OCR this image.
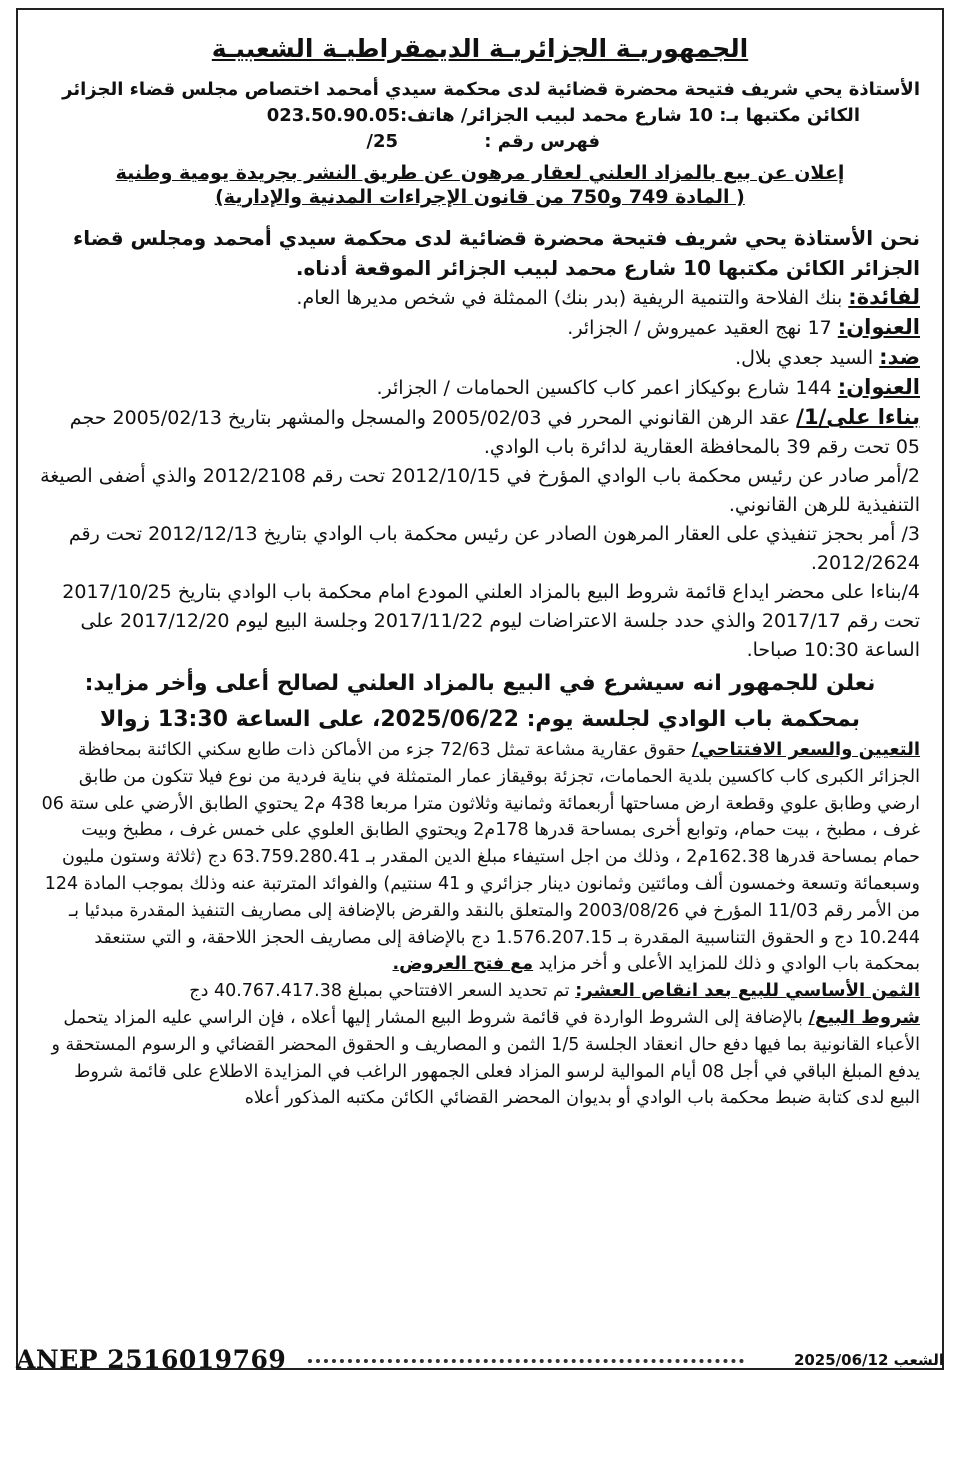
الجمهوريـة الجزائريـة الديمقراطيـة الشعبيـة
الأستاذة يحي شريف فتيحة محضرة قضائية لدى محكمة سيدي أمحمد اختصاص مجلس قضاء الجزائر
الكائن مكتبها بـ: 10 شارع محمد لبيب الجزائر/ هاتف:023.50.90.05
فهرس رقم : 25/
إعلان عن بيع بالمزاد العلني لعقار مرهون عن طريق النشر بجريدة يومية وطنية
( المادة 749 و750 من قانون الإجراءات المدنية والإدارية)
نحن الأستاذة يحي شريف فتيحة محضرة قضائية لدى محكمة سيدي أمحمد ومجلس قضاء الجزائر الكائن مكتبها 10 شارع محمد لبيب الجزائر الموقعة أدناه.
لفائدة: بنك الفلاحة والتنمية الريفية (بدر بنك) الممثلة في شخص مديرها العام.
العنوان: 17 نهج العقيد عميروش / الجزائر.
ضد: السيد جعدي بلال.
العنوان: 144 شارع بوكيكاز اعمر كاب كاكسين الحمامات / الجزائر.
بناءا على/1/ عقد الرهن القانوني المحرر في 2005/02/03 والمسجل والمشهر بتاريخ 2005/02/13 حجم 05 تحت رقم 39 بالمحافظة العقارية لدائرة باب الوادي.
2/أمر صادر عن رئيس محكمة باب الوادي المؤرخ في 2012/10/15 تحت رقم 2012/2108 والذي أضفى الصيغة التنفيذية للرهن القانوني.
3/ أمر بحجز تنفيذي على العقار المرهون الصادر عن رئيس محكمة باب الوادي بتاريخ 2012/12/13 تحت رقم 2012/2624.
4/بناءا على محضر ايداع قائمة شروط البيع بالمزاد العلني المودع امام محكمة باب الوادي بتاريخ 2017/10/25 تحت رقم 2017/17 والذي حدد جلسة الاعتراضات ليوم 2017/11/22 وجلسة البيع ليوم 2017/12/20 على الساعة 10:30 صباحا.
نعلن للجمهور انه سيشرع في البيع بالمزاد العلني لصالح أعلى وأخر مزايد:
بمحكمة باب الوادي لجلسة يوم: 2025/06/22، على الساعة 13:30 زوالا
التعيين والسعر الافتتاحي/ حقوق عقارية مشاعة تمثل 72/63 جزء من الأماكن ذات طابع سكني الكائنة بمحافظة الجزائر الكبرى كاب كاكسين بلدية الحمامات، تجزئة بوقيقاز عمار المتمثلة في بناية فردية من نوع فيلا تتكون من طابق ارضي وطابق علوي وقطعة ارض مساحتها أربعمائة وثمانية وثلاثون مترا مربعا 438 م2 يحتوي الطابق الأرضي على ستة 06 غرف ، مطبخ ، بيت حمام، وتوابع أخرى بمساحة قدرها 178م2 ويحتوي الطابق العلوي على خمس غرف ، مطبخ وبيت حمام بمساحة قدرها 162.38م2 ، وذلك من اجل استيفاء مبلغ الدين المقدر بـ 63.759.280.41 دج (ثلاثة وستون مليون وسبعمائة وتسعة وخمسون ألف ومائتين وثمانون دينار جزائري و 41 سنتيم) والفوائد المترتبة عنه وذلك بموجب المادة 124 من الأمر رقم 11/03 المؤرخ في 2003/08/26 والمتعلق بالنقد والقرض بالإضافة إلى مصاريف التنفيذ المقدرة مبدئيا بـ 10.244 دج و الحقوق التناسبية المقدرة بـ 1.576.207.15 دج بالإضافة إلى مصاريف الحجز اللاحقة، و التي ستنعقد بمحكمة باب الوادي و ذلك للمزايد الأعلى و أخر مزايد مع فتح العروض.
الثمن الأساسي للبيع بعد انقاص العشر: تم تحديد السعر الافتتاحي بمبلغ 40.767.417.38 دج
شروط البيع/ بالإضافة إلى الشروط الواردة في قائمة شروط البيع المشار إليها أعلاه ، فإن الراسي عليه المزاد يتحمل الأعباء القانونية بما فيها دفع حال انعقاد الجلسة 1/5 الثمن و المصاريف و الحقوق المحضر القضائي و الرسوم المستحقة و يدفع المبلغ الباقي في أجل 08 أيام الموالية لرسو المزاد فعلى الجمهور الراغب في المزايدة الاطلاع على قائمة شروط البيع لدى كتابة ضبط محكمة باب الوادي أو بديوان المحضر القضائي الكائن مكتبه المذكور أعلاه
ANEP 2516019769	الشعب 2025/06/12
